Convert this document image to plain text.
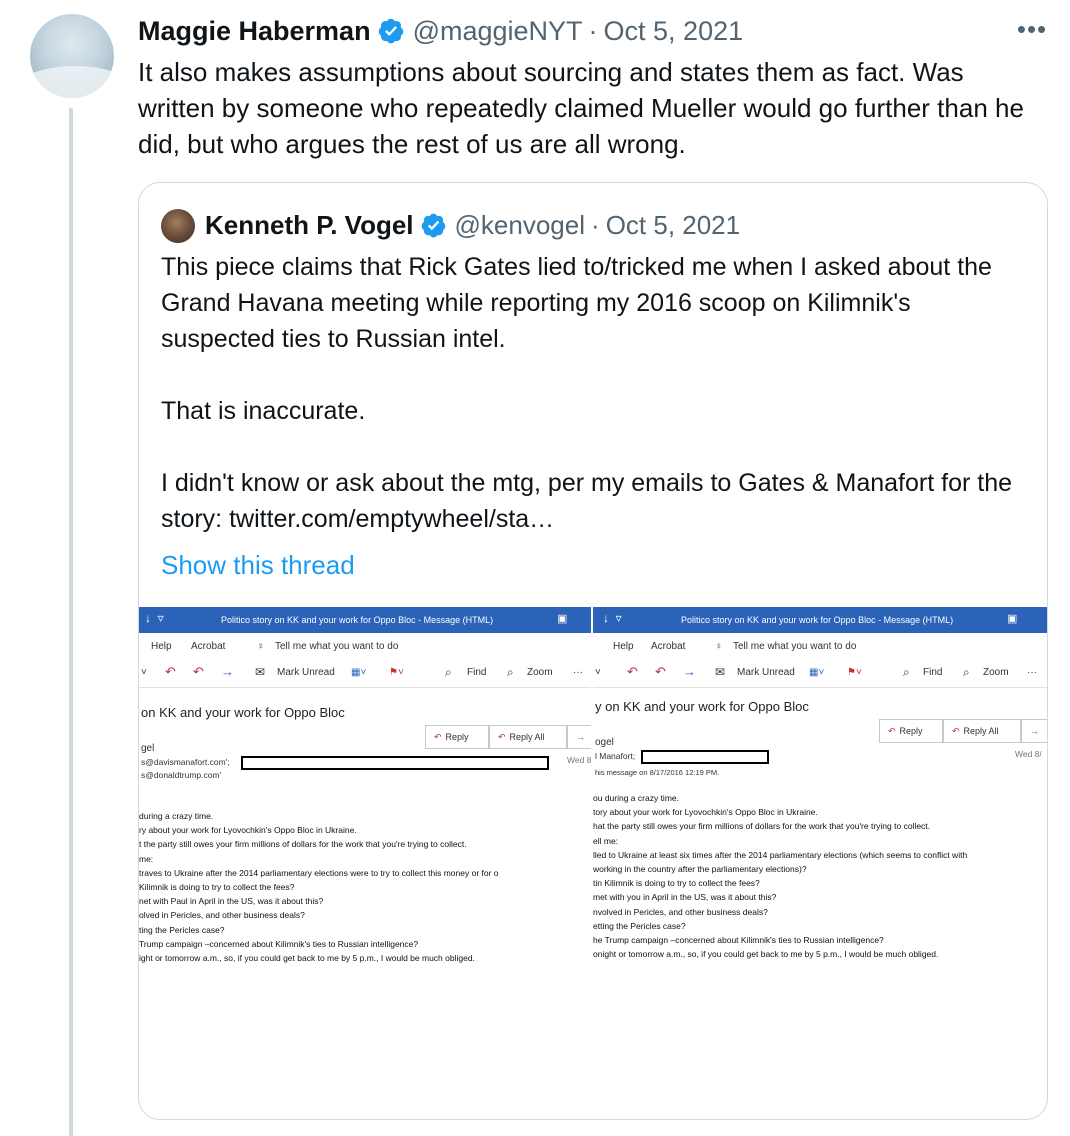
Maggie Haberman @maggieNYT · Oct 5, 2021	•••
It also makes assumptions about sourcing and states them as fact. Was written by someone who repeatedly claimed Mueller would go further than he did, but who argues the rest of us are all wrong.
Kenneth P. Vogel @kenvogel · Oct 5, 2021

This piece claims that Rick Gates lied to/tricked me when I asked about the Grand Havana meeting while reporting my 2016 scoop on Kilimnik's suspected ties to Russian intel.

That is inaccurate.

I didn't know or ask about the mtg, per my emails to Gates & Manafort for the story: twitter.com/emptywheel/sta…

Show this thread
↓  ▿	Politico story on KK and your work for Oppo Bloc - Message (HTML)	▣
Help Acrobat	♀ Tell me what you want to do
˅ ↶ ↶ → ✉ Mark Unread ▦˅ ⚑˅	⌕ Find ⌕ Zoom ···
on KK and your work for Oppo Bloc
↶ Reply	↶ Reply All	→
gel
s@davismanafort.com';	Wed 8
s@donaldtrump.com'
during a crazy time.
ry about your work for Lyovochkin's Oppo Bloc in Ukraine.
t the party still owes your firm millions of dollars for the work that you're trying to collect.
me:
traves to Ukraine after the 2014 parliamentary elections were to try to collect this money or for o
Kilimnik is doing to try to collect the fees?
net with Paul in April in the US, was it about this?
olved in Pericles, and other business deals?
ting the Pericles case?
Trump campaign –concerned about Kilimnik's ties to Russian intelligence?
ight or tomorrow a.m., so, if you could get back to me by 5 p.m., I would be much obliged.
↓  ▿	Politico story on KK and your work for Oppo Bloc - Message (HTML)	▣
Help Acrobat	♀ Tell me what you want to do
˅ ↶ ↶ → ✉ Mark Unread ▦˅ ⚑˅	⌕ Find ⌕ Zoom ···
y on KK and your work for Oppo Bloc
↶ Reply	↶ Reply All	→
ogel
l Manafort;	Wed 8/
his message on 8/17/2016 12:19 PM.
ou during a crazy time.
tory about your work for Lyovochkin's Oppo Bloc in Ukraine.
hat the party still owes your firm millions of dollars for the work that you're trying to collect.
ell me:
lled to Ukraine at least six times after the 2014 parliamentary elections (which seems to conflict with
working in the country after the parliamentary elections)?
tin Kilimnik is doing to try to collect the fees?
met with you in April in the US, was it about this?
nvolved in Pericles, and other business deals?
etting the Pericles case?
he Trump campaign –concerned about Kilimnik's ties to Russian intelligence?
onight or tomorrow a.m., so, if you could get back to me by 5 p.m., I would be much obliged.
